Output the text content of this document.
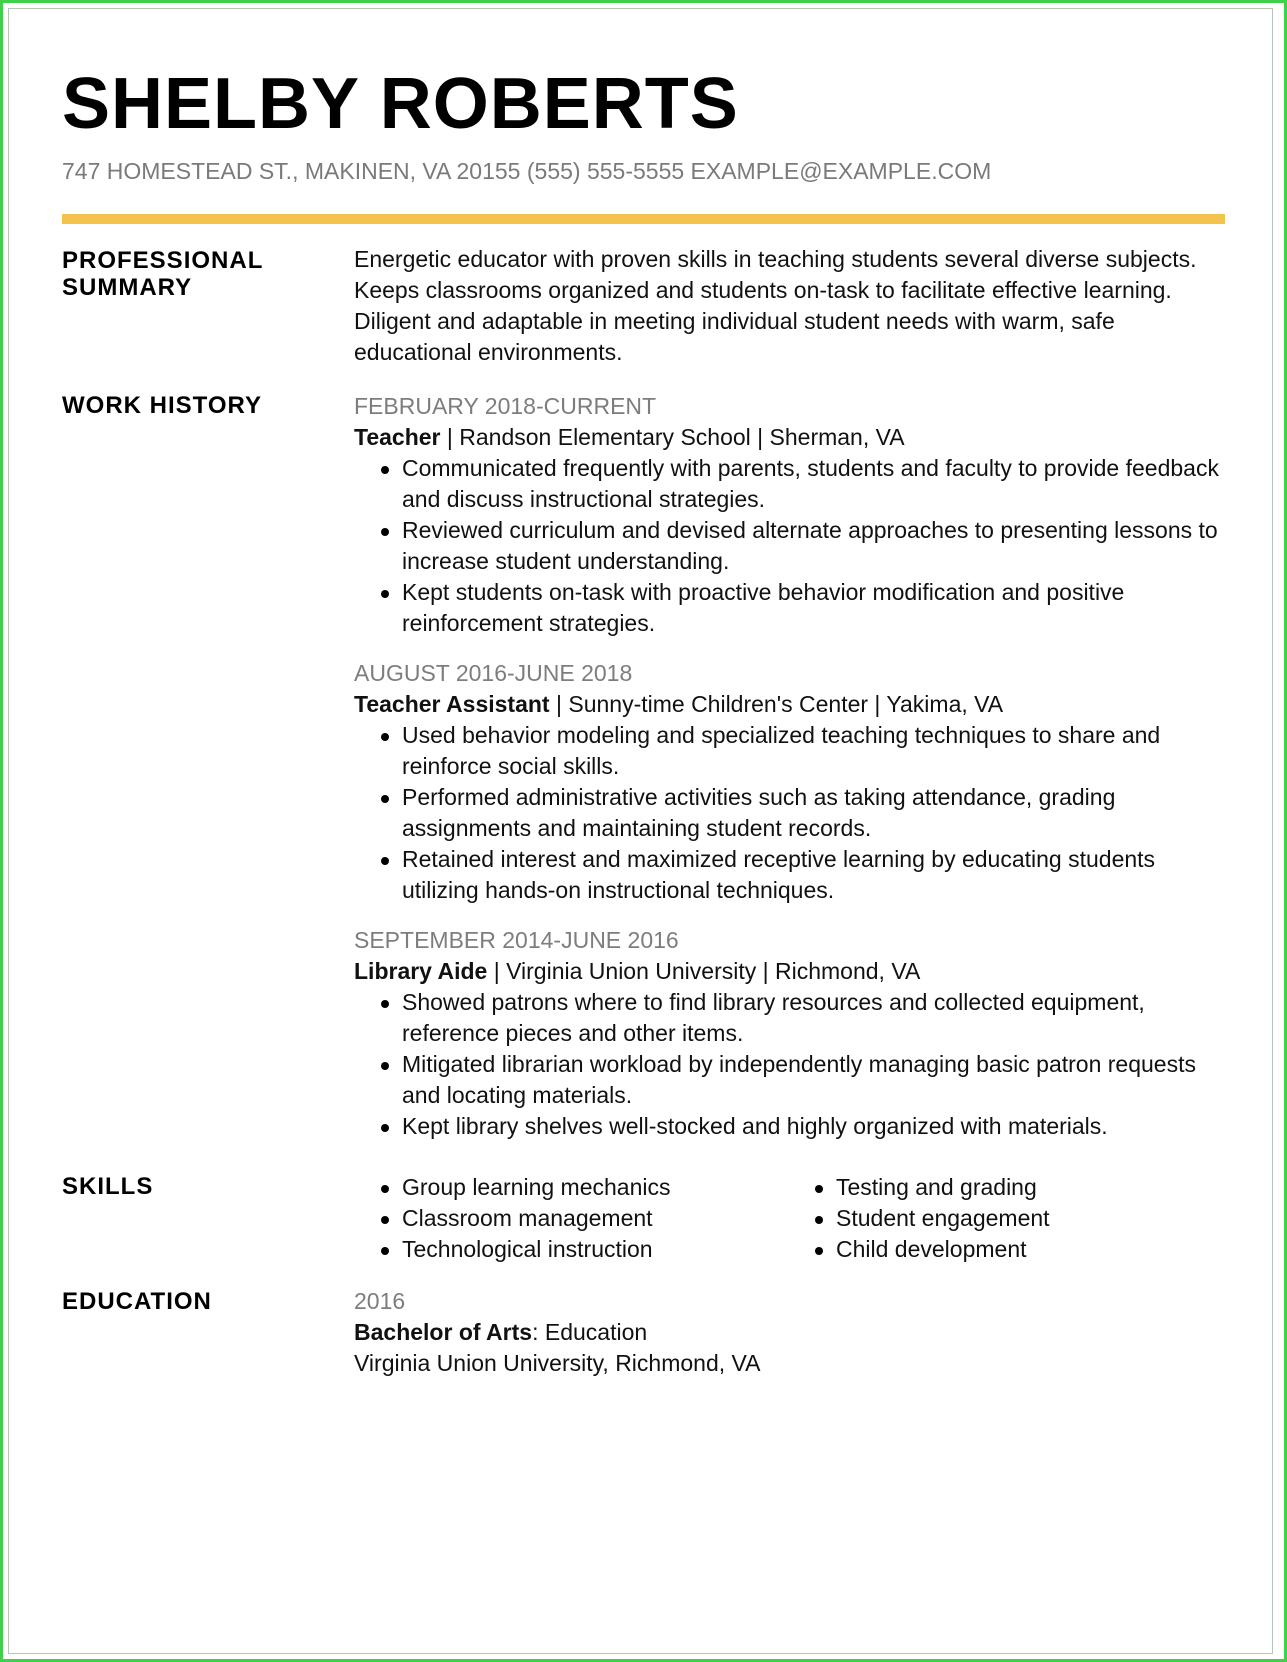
SHELBY ROBERTS
747 HOMESTEAD ST., MAKINEN, VA 20155 (555) 555-5555 EXAMPLE@EXAMPLE.COM
PROFESSIONAL
SUMMARY

Energetic educator with proven skills in teaching students several diverse subjects. Keeps classrooms organized and students on-task to facilitate effective learning. Diligent and adaptable in meeting individual student needs with warm, safe educational environments.

WORK HISTORY	FEBRUARY 2018-CURRENT
Teacher | Randson Elementary School | Sherman, VA
Communicated frequently with parents, students and faculty to provide feedback and discuss instructional strategies.
Reviewed curriculum and devised alternate approaches to presenting lessons to increase student understanding.
Kept students on-task with proactive behavior modification and positive reinforcement strategies.
AUGUST 2016-JUNE 2018
Teacher Assistant | Sunny-time Children's Center | Yakima, VA
Used behavior modeling and specialized teaching techniques to share and reinforce social skills.
Performed administrative activities such as taking attendance, grading assignments and maintaining student records.
Retained interest and maximized receptive learning by educating students utilizing hands-on instructional techniques.
SEPTEMBER 2014-JUNE 2016
Library Aide | Virginia Union University | Richmond, VA
Showed patrons where to find library resources and collected equipment, reference pieces and other items.
Mitigated librarian workload by independently managing basic patron requests and locating materials.
Kept library shelves well-stocked and highly organized with materials.
SKILLS	Group learning mechanics
Classroom management
Technological instruction
Testing and grading
Student engagement
Child development
EDUCATION	2016
Bachelor of Arts: Education
Virginia Union University, Richmond, VA
